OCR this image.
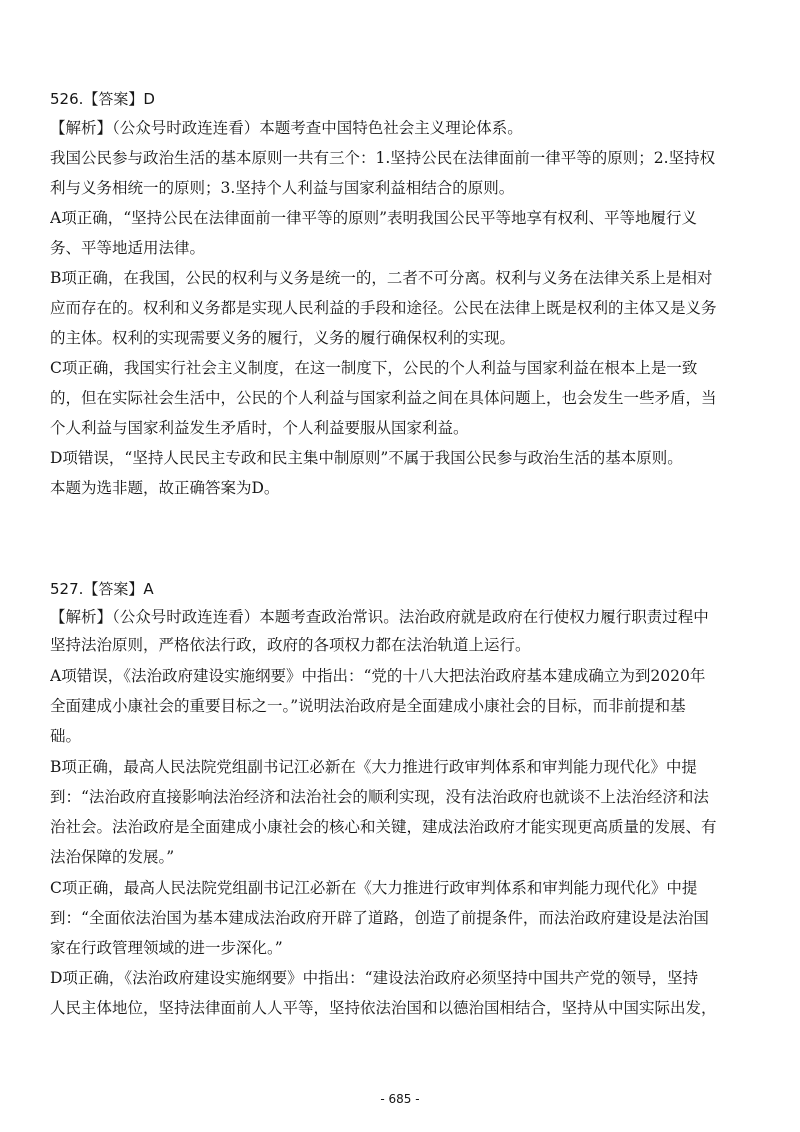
526.【答案】D
【解析】（公众号时政连连看）本题考查中国特色社会主义理论体系。
我国公民参与政治生活的基本原则一共有三个：1.坚持公民在法律面前一律平等的原则；2.坚持权
利与义务相统一的原则；3.坚持个人利益与国家利益相结合的原则。
A项正确，“坚持公民在法律面前一律平等的原则”表明我国公民平等地享有权利、平等地履行义
务、平等地适用法律。
B项正确，在我国，公民的权利与义务是统一的，二者不可分离。权利与义务在法律关系上是相对
应而存在的。权利和义务都是实现人民利益的手段和途径。公民在法律上既是权利的主体又是义务
的主体。权利的实现需要义务的履行，义务的履行确保权利的实现。
C项正确，我国实行社会主义制度，在这一制度下，公民的个人利益与国家利益在根本上是一致
的，但在实际社会生活中，公民的个人利益与国家利益之间在具体问题上，也会发生一些矛盾，当
个人利益与国家利益发生矛盾时，个人利益要服从国家利益。
D项错误，“坚持人民民主专政和民主集中制原则”不属于我国公民参与政治生活的基本原则。
本题为选非题，故正确答案为D。
527.【答案】A
【解析】（公众号时政连连看）本题考查政治常识。法治政府就是政府在行使权力履行职责过程中
坚持法治原则，严格依法行政，政府的各项权力都在法治轨道上运行。
A项错误，《法治政府建设实施纲要》中指出：“党的十八大把法治政府基本建成确立为到2020年
全面建成小康社会的重要目标之一。”说明法治政府是全面建成小康社会的目标，而非前提和基
础。
B项正确，最高人民法院党组副书记江必新在《大力推进行政审判体系和审判能力现代化》中提
到：“法治政府直接影响法治经济和法治社会的顺利实现，没有法治政府也就谈不上法治经济和法
治社会。法治政府是全面建成小康社会的核心和关键，建成法治政府才能实现更高质量的发展、有
法治保障的发展。”
C项正确，最高人民法院党组副书记江必新在《大力推进行政审判体系和审判能力现代化》中提
到：“全面依法治国为基本建成法治政府开辟了道路，创造了前提条件，而法治政府建设是法治国
家在行政管理领域的进一步深化。”
D项正确，《法治政府建设实施纲要》中指出：“建设法治政府必须坚持中国共产党的领导，坚持
人民主体地位，坚持法律面前人人平等，坚持依法治国和以德治国相结合，坚持从中国实际出发，
- 685 -
